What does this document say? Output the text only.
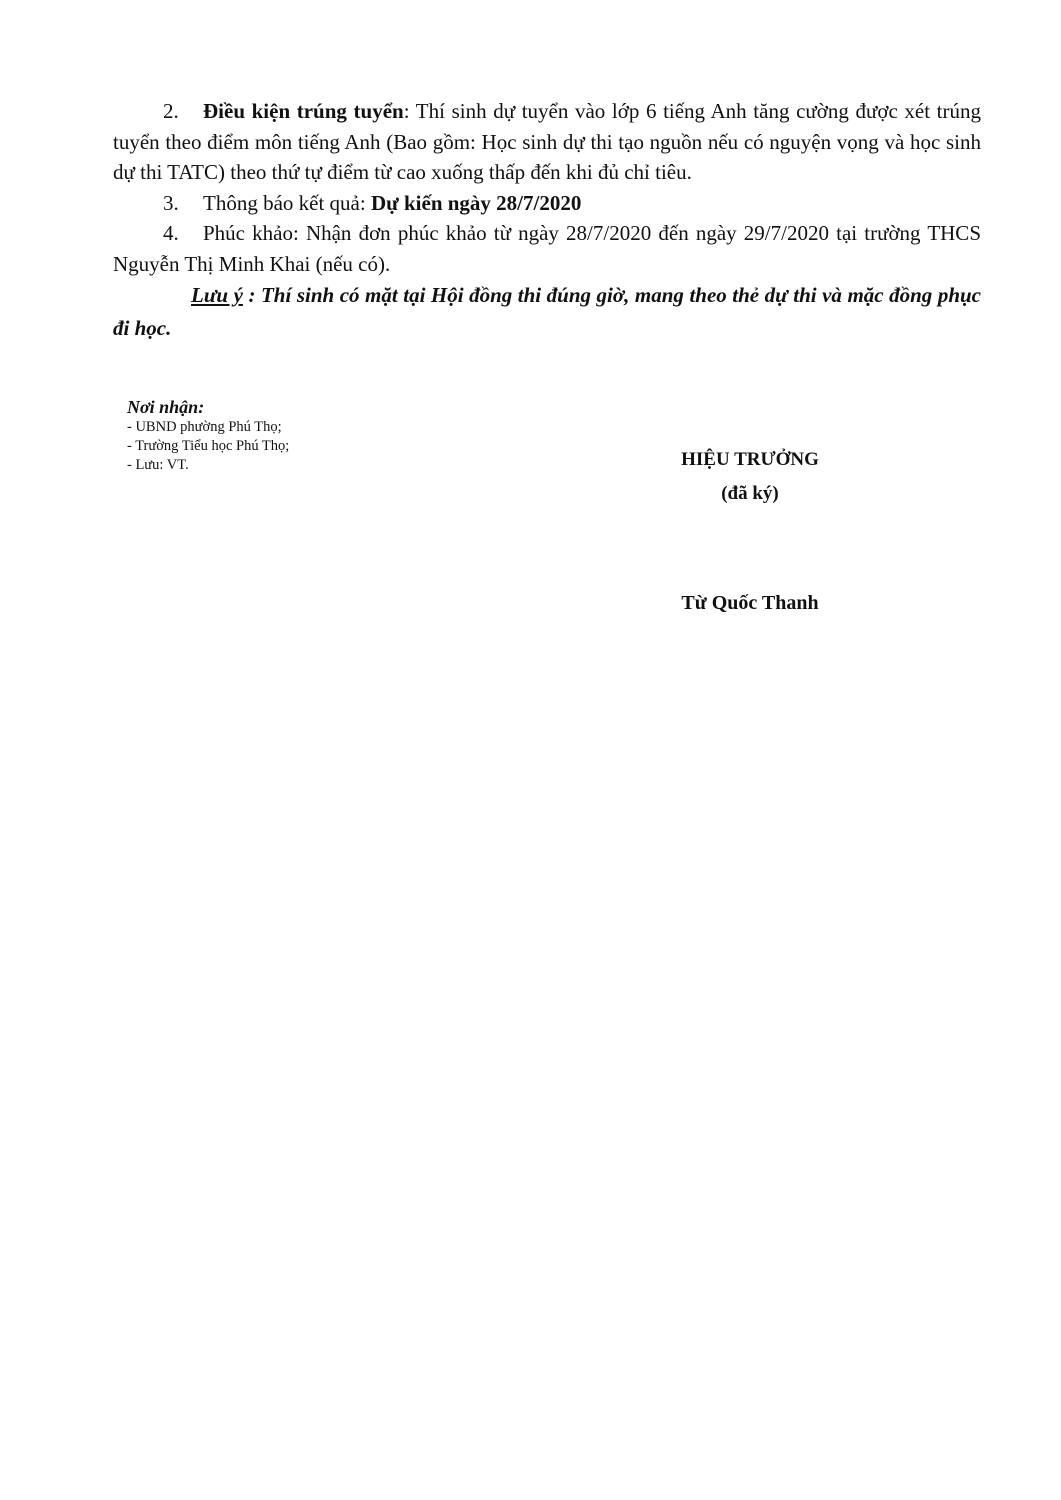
2. Điều kiện trúng tuyển: Thí sinh dự tuyển vào lớp 6 tiếng Anh tăng cường được xét trúng tuyển theo điểm môn tiếng Anh (Bao gồm: Học sinh dự thi tạo nguồn nếu có nguyện vọng và học sinh dự thi TATC) theo thứ tự điểm từ cao xuống thấp đến khi đủ chỉ tiêu.

3. Thông báo kết quả: Dự kiến ngày 28/7/2020

4. Phúc khảo: Nhận đơn phúc khảo từ ngày 28/7/2020 đến ngày 29/7/2020 tại trường THCS Nguyễn Thị Minh Khai (nếu có).

Lưu ý : Thí sinh có mặt tại Hội đồng thi đúng giờ, mang theo thẻ dự thi và mặc đồng phục đi học.

Nơi nhận:

- UBND phường Phú Thọ;

- Trường Tiểu học Phú Thọ;

- Lưu: VT.	HIỆU TRƯỞNG

(đã ký)

Từ Quốc Thanh
